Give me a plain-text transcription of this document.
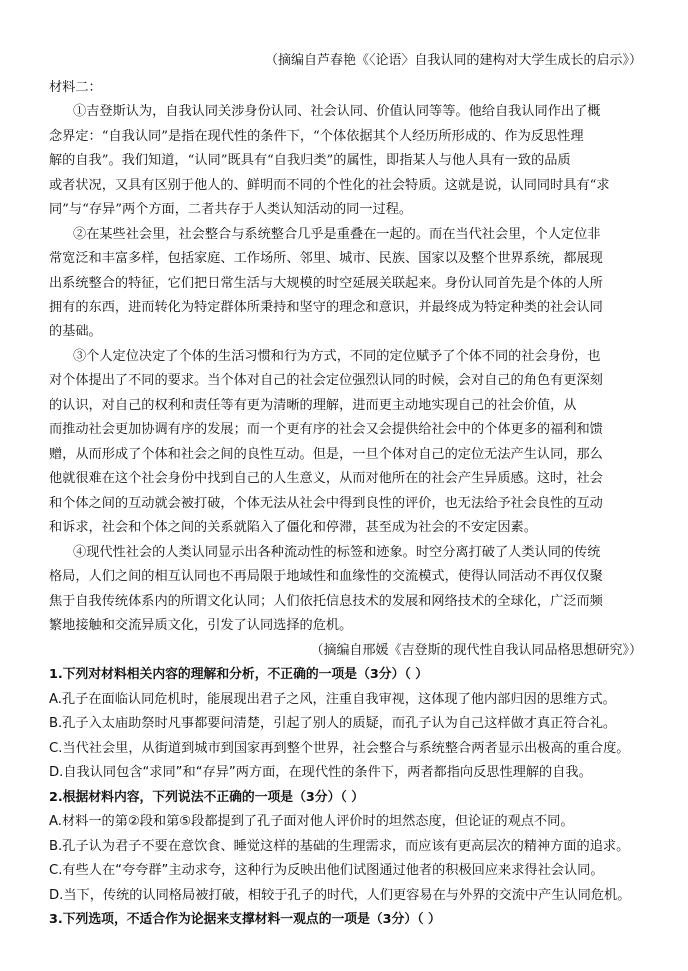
（摘编自芦春艳《〈论语〉自我认同的建构对大学生成长的启示》）
材料二：
①吉登斯认为，自我认同关涉身份认同、社会认同、价值认同等等。他给自我认同作出了概
念界定：“自我认同”是指在现代性的条件下，“个体依据其个人经历所形成的、作为反思性理
解的自我”。我们知道，“认同”既具有“自我归类”的属性，即指某人与他人具有一致的品质
或者状况，又具有区别于他人的、鲜明而不同的个性化的社会特质。这就是说，认同同时具有“求
同”与“存异”两个方面，二者共存于人类认知活动的同一过程。
②在某些社会里，社会整合与系统整合几乎是重叠在一起的。而在当代社会里，个人定位非
常宽泛和丰富多样，包括家庭、工作场所、邻里、城市、民族、国家以及整个世界系统，都展现
出系统整合的特征，它们把日常生活与大规模的时空延展关联起来。身份认同首先是个体的人所
拥有的东西，进而转化为特定群体所秉持和坚守的理念和意识，并最终成为特定种类的社会认同
的基础。
③个人定位决定了个体的生活习惯和行为方式，不同的定位赋予了个体不同的社会身份，也
对个体提出了不同的要求。当个体对自己的社会定位强烈认同的时候，会对自己的角色有更深刻
的认识，对自己的权利和责任等有更为清晰的理解，进而更主动地实现自己的社会价值，从
而推动社会更加协调有序的发展；而一个更有序的社会又会提供给社会中的个体更多的福利和馈
赠，从而形成了个体和社会之间的良性互动。但是，一旦个体对自己的定位无法产生认同，那么
他就很难在这个社会身份中找到自己的人生意义，从而对他所在的社会产生异质感。这时，社会
和个体之间的互动就会被打破，个体无法从社会中得到良性的评价，也无法给予社会良性的互动
和诉求，社会和个体之间的关系就陷入了僵化和停滞，甚至成为社会的不安定因素。
④现代性社会的人类认同显示出各种流动性的标签和迹象。时空分离打破了人类认同的传统
格局，人们之间的相互认同也不再局限于地域性和血缘性的交流模式，使得认同活动不再仅仅聚
焦于自我传统体系内的所谓文化认同；人们依托信息技术的发展和网络技术的全球化，广泛而频
繁地接触和交流异质文化，引发了认同选择的危机。
（摘编自邢媛《吉登斯的现代性自我认同品格思想研究》）
1.下列对材料相关内容的理解和分析，不正确的一项是（3分）（ ）
A.孔子在面临认同危机时，能展现出君子之风，注重自我审视，这体现了他内部归因的思维方式。
B.孔子入太庙助祭时凡事都要问清楚，引起了别人的质疑，而孔子认为自己这样做才真正符合礼。
C.当代社会里，从街道到城市到国家再到整个世界，社会整合与系统整合两者显示出极高的重合度。
D.自我认同包含“求同”和“存异”两方面，在现代性的条件下，两者都指向反思性理解的自我。
2.根据材料内容，下列说法不正确的一项是（3分）（ ）
A.材料一的第②段和第⑤段都提到了孔子面对他人评价时的坦然态度，但论证的观点不同。
B.孔子认为君子不要在意饮食、睡觉这样的基础的生理需求，而应该有更高层次的精神方面的追求。
C.有些人在“夸夸群”主动求夸，这种行为反映出他们试图通过他者的积极回应来求得社会认同。
D.当下，传统的认同格局被打破，相较于孔子的时代，人们更容易在与外界的交流中产生认同危机。
3.下列选项，不适合作为论据来支撑材料一观点的一项是（3分）（ ）
